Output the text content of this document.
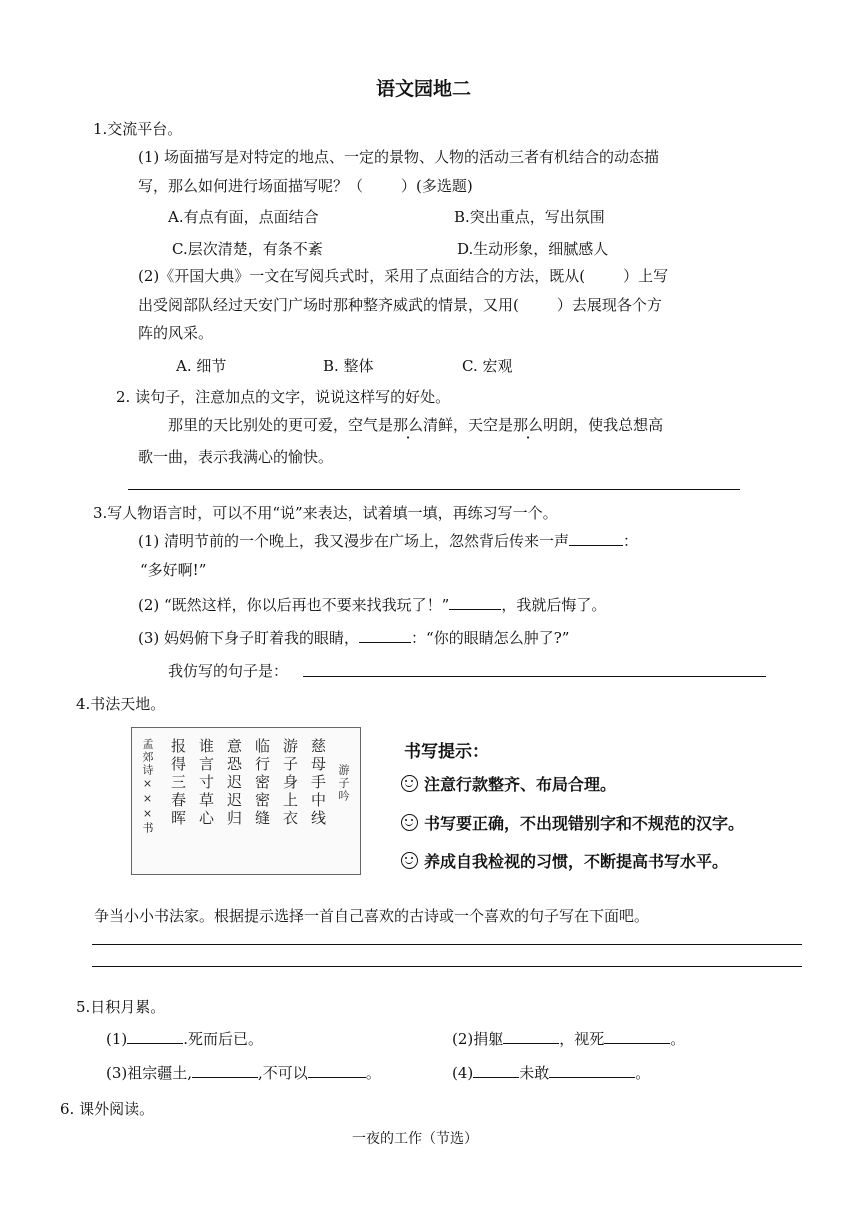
语文园地二
1.交流平台。
(1) 场面描写是对特定的地点、一定的景物、人物的活动三者有机结合的动态描
写，那么如何进行场面描写呢？（	）(多选题)
A.有点有面，点面结合	B.突出重点，写出氛围
C.层次清楚，有条不紊	D.生动形象，细腻感人
(2)《开国大典》一文在写阅兵式时，采用了点面结合的方法，既从(	）上写
出受阅部队经过天安门广场时那种整齐威武的情景，又用(	）去展现各个方
阵的风采。
A. 细节	B. 整体	C. 宏观
2. 读句子，注意加点的文字，说说这样写的好处。
那里的天比别处的更可爱，空气是那么清鲜，天空是那么明朗，使我总想高
歌一曲，表示我满心的愉快。
3.写人物语言时，可以不用“说”来表达，试着填一填，再练习写一个。
(1) 清明节前的一个晚上，我又漫步在广场上，忽然背后传来一声	：
“多好啊!”
(2) “既然这样，你以后再也不要来找我玩了！”	，我就后悔了。
(3) 妈妈俯下身子盯着我的眼睛，	：“你的眼睛怎么肿了?”
我仿写的句子是：
4.书法天地。
孟郊诗×××书 报得三春晖 谁言寸草心 意恐迟迟归 临行密密缝 游子身上衣 慈母手中线 游子吟
书写提示：
注意行款整齐、布局合理。
书写要正确，不出现错别字和不规范的汉字。
养成自我检视的习惯，不断提高书写水平。
争当小小书法家。根据提示选择一首自己喜欢的古诗或一个喜欢的句子写在下面吧。
5.日积月累。
(1)	.死而后已。	(2)捐躯	，视死	。
(3)祖宗疆土,	,不可以	。	(4)	未敢	。
6. 课外阅读。
一夜的工作（节选）
